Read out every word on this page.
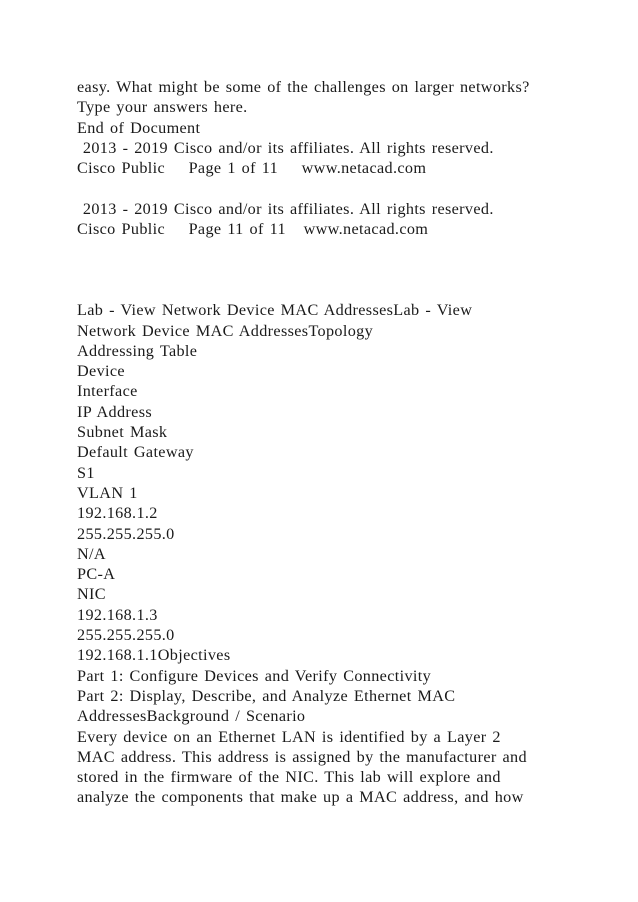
easy. What might be some of the challenges on larger networks?
Type your answers here.
End of Document
2013 - 2019 Cisco and/or its affiliates. All rights reserved.
Cisco Public    Page 1 of 11    www.netacad.com
2013 - 2019 Cisco and/or its affiliates. All rights reserved.
Cisco Public    Page 11 of 11   www.netacad.com
Lab - View Network Device MAC AddressesLab - View
Network Device MAC AddressesTopology
Addressing Table
Device
Interface
IP Address
Subnet Mask
Default Gateway
S1
VLAN 1
192.168.1.2
255.255.255.0
N/A
PC-A
NIC
192.168.1.3
255.255.255.0
192.168.1.1Objectives
Part 1: Configure Devices and Verify Connectivity
Part 2: Display, Describe, and Analyze Ethernet MAC
AddressesBackground / Scenario
Every device on an Ethernet LAN is identified by a Layer 2
MAC address. This address is assigned by the manufacturer and
stored in the firmware of the NIC. This lab will explore and
analyze the components that make up a MAC address, and how
